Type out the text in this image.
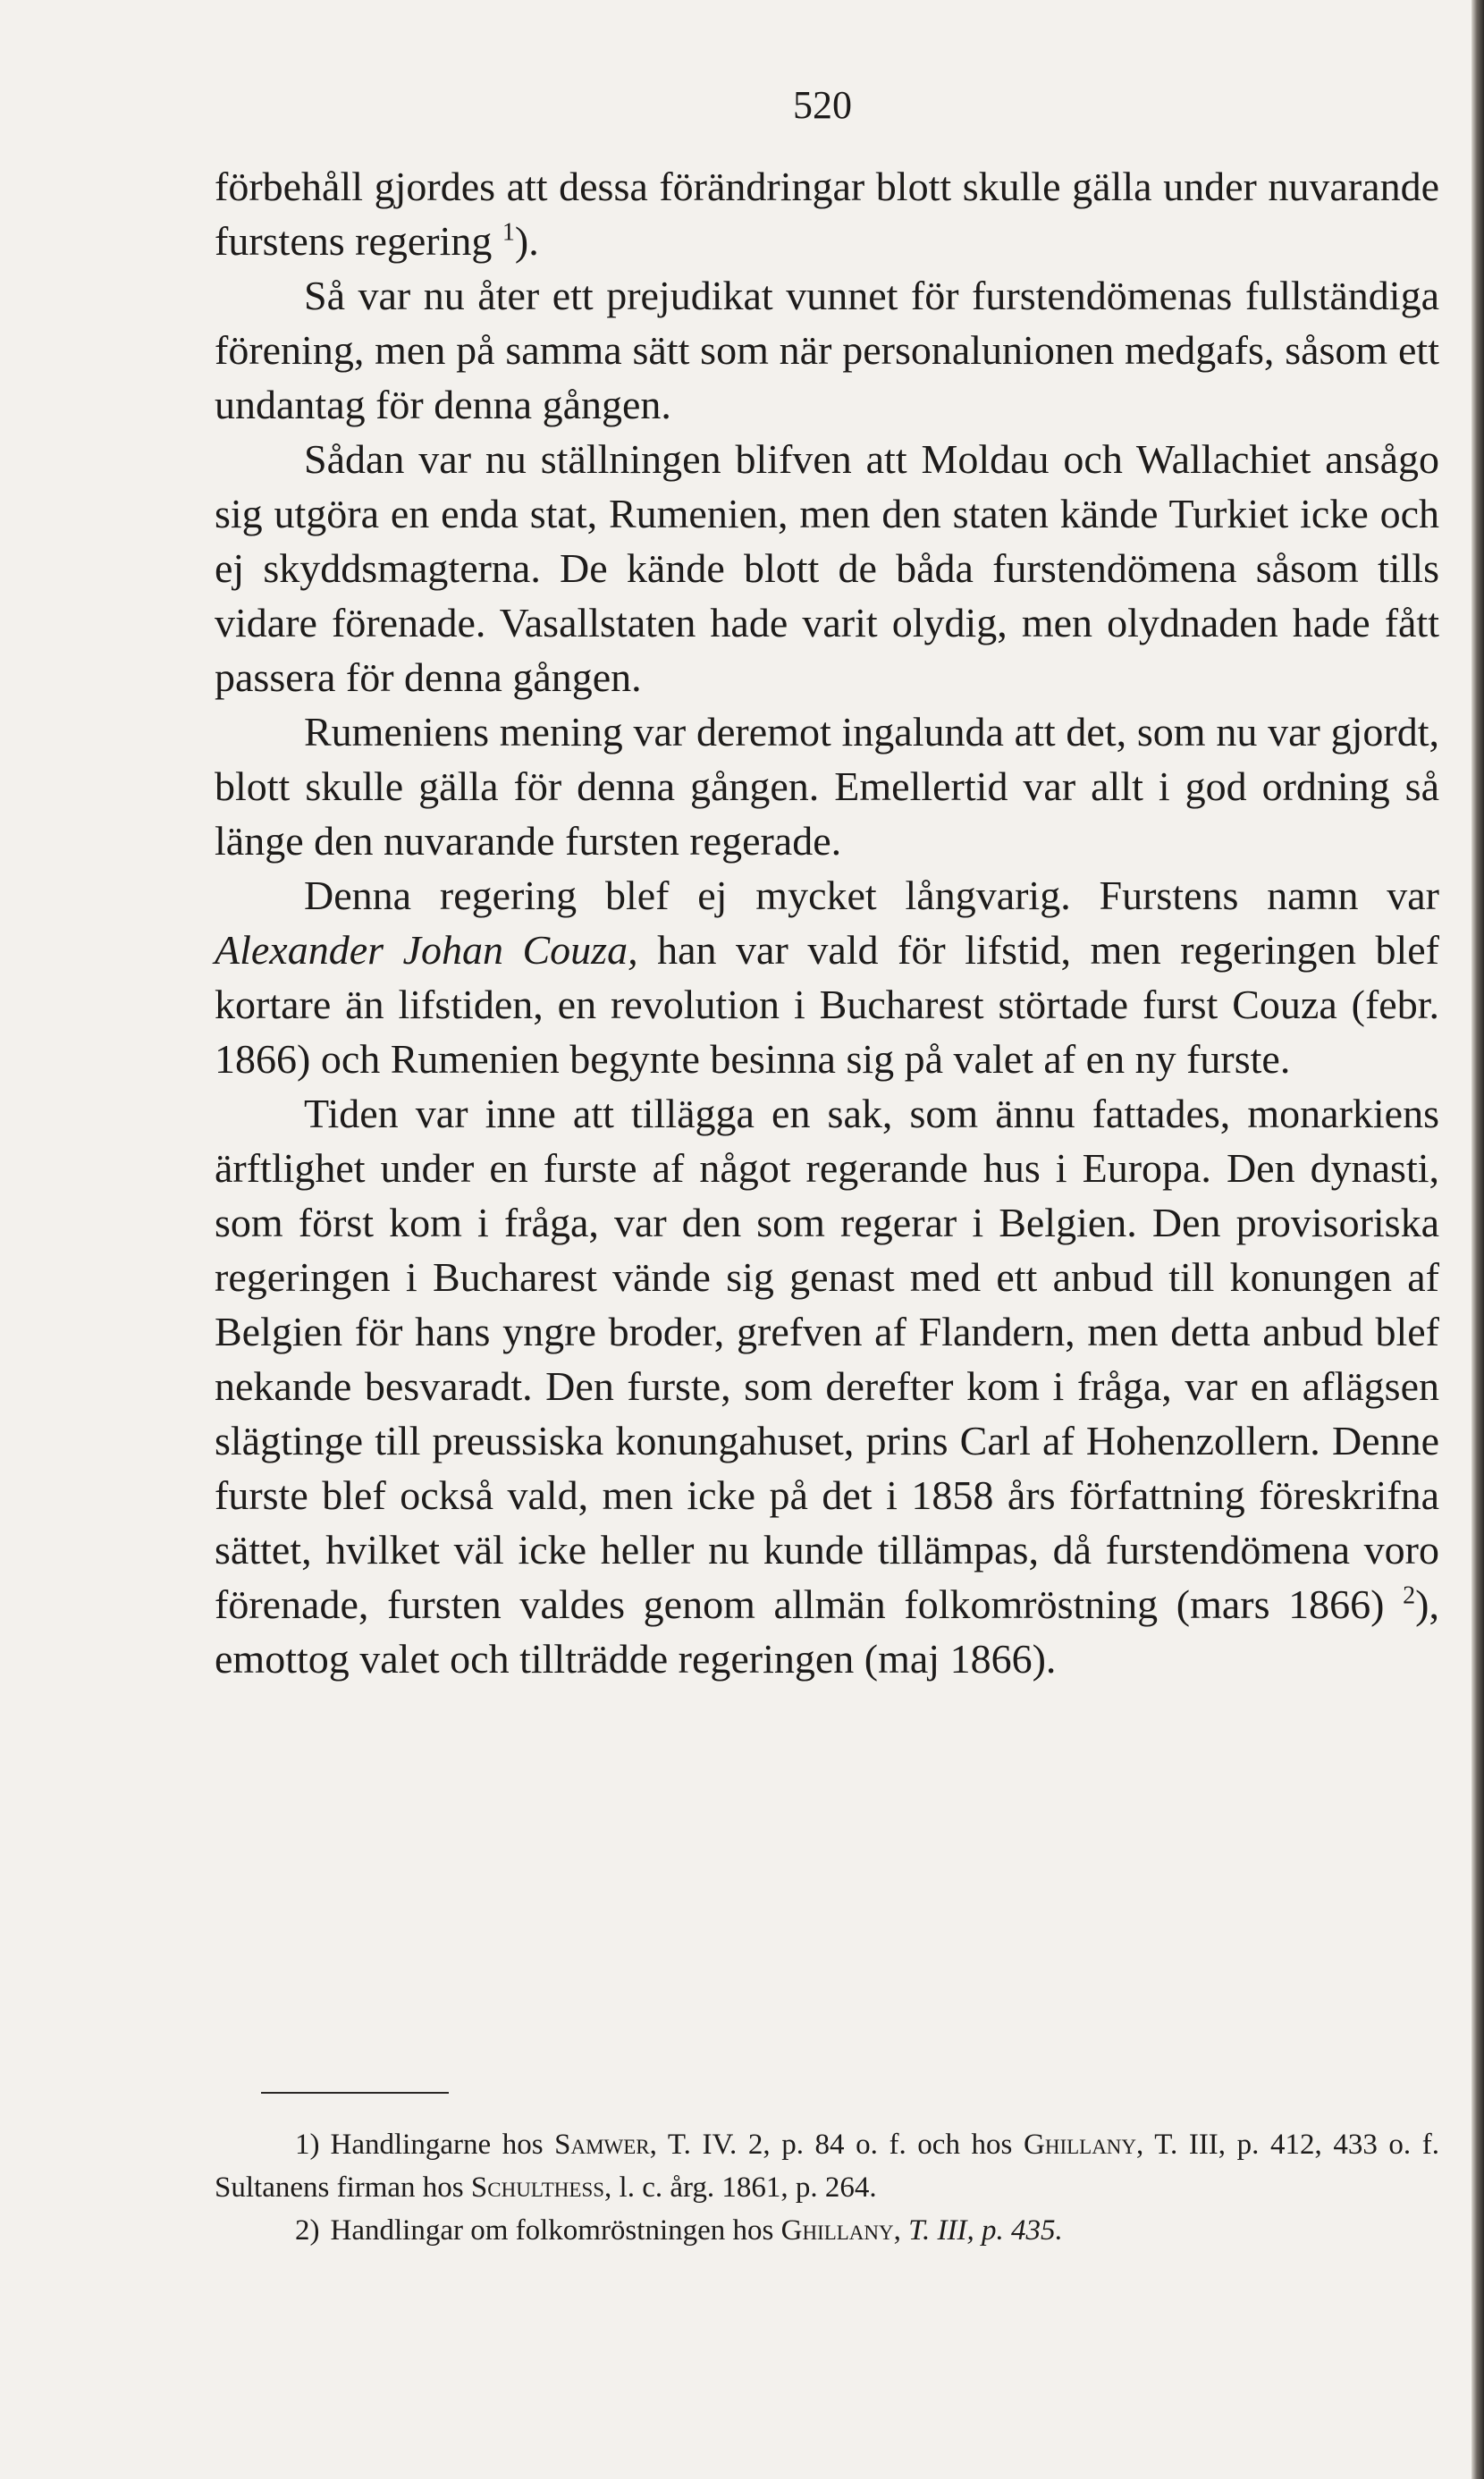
520

förbehåll gjordes att dessa förändringar blott skulle gälla under nuvarande furstens regering $^1$).

Så var nu åter ett prejudikat vunnet för furstendömenas fullständiga förening, men på samma sätt som när personalunionen medgafs, såsom ett undantag för denna gången.

Sådan var nu ställningen blifven att Moldau och Wallachiet ansågo sig utgöra en enda stat, Rumenien, men den staten kände Turkiet icke och ej skyddsmagterna. De kände blott de båda furstendömena såsom tills vidare förenade. Vasallstaten hade varit olydig, men olydnaden hade fått passera för denna gången.

Rumeniens mening var deremot ingalunda att det, som nu var gjordt, blott skulle gälla för denna gången. Emellertid var allt i god ordning så länge den nuvarande fursten regerade.

Denna regering blef ej mycket långvarig. Furstens namn var Alexander Johan Couza, han var vald för lifstid, men regeringen blef kortare än lifstiden, en revolution i Bucharest störtade furst Couza (febr. 1866) och Rumenien begynte besinna sig på valet af en ny furste.

Tiden var inne att tillägga en sak, som ännu fattades, monarkiens ärftlighet under en furste af något regerande hus i Europa. Den dynasti, som först kom i fråga, var den som regerar i Belgien. Den provisoriska regeringen i Bucharest vände sig genast med ett anbud till konungen af Belgien för hans yngre broder, grefven af Flandern, men detta anbud blef nekande besvaradt. Den furste, som derefter kom i fråga, var en aflägsen slägtinge till preussiska konungahuset, prins Carl af Hohenzollern. Denne furste blef också vald, men icke på det i 1858 års författning föreskrifna sättet, hvilket väl icke heller nu kunde tillämpas, då furstendömena voro förenade, fursten valdes genom allmän folkomröstning (mars 1866) $^2$), emottog valet och tillträdde regeringen (maj 1866).

1) Handlingarne hos Samwer, T. IV. 2, p. 84 o. f. och hos Ghillany, T. III, p. 412, 433 o. f. Sultanens firman hos Schulthess, l. c. årg. 1861, p. 264.

2) Handlingar om folkomröstningen hos Ghillany, T. III, p. 435.
